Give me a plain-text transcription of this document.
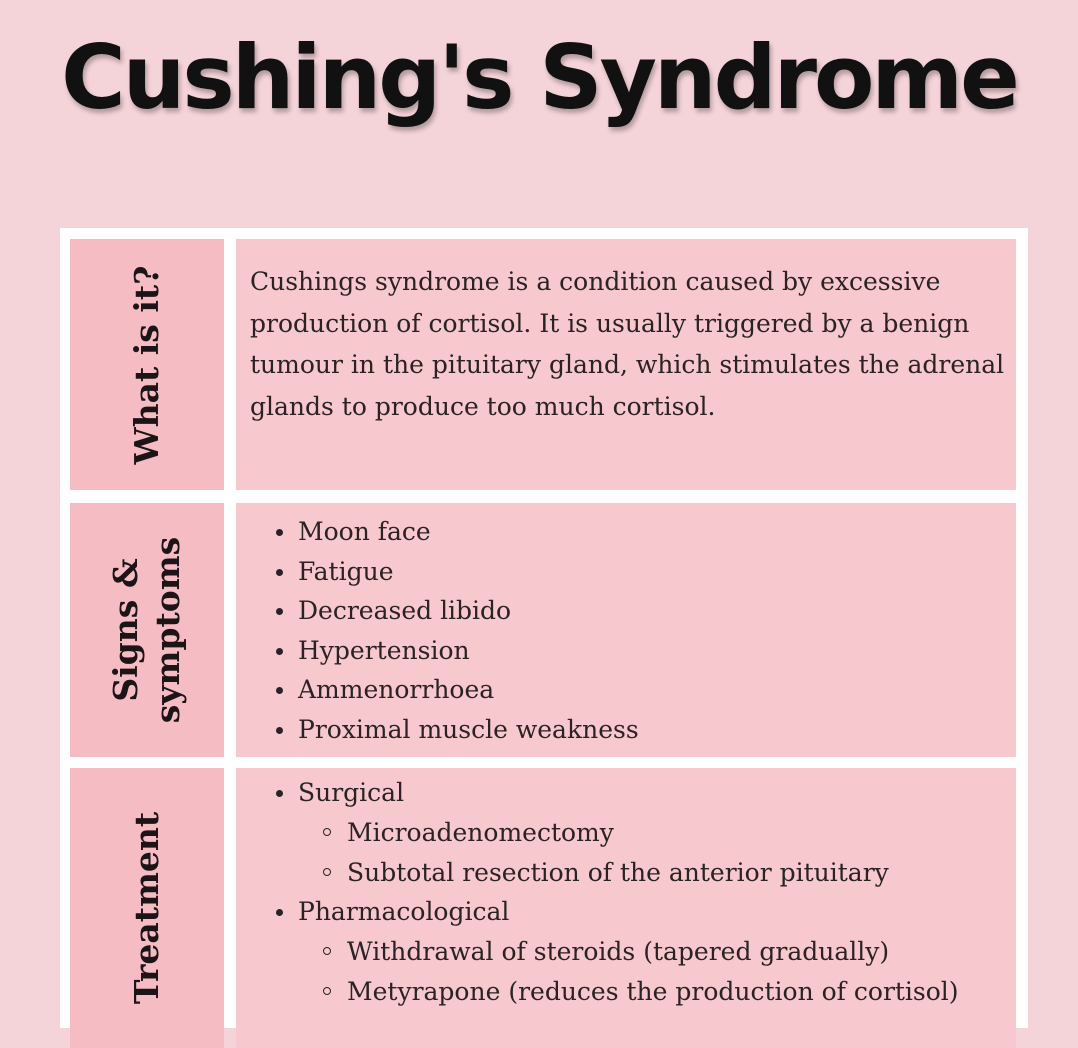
Cushing's Syndrome
What is it?	Cushings syndrome is a condition caused by excessive production of cortisol. It is usually triggered by a benign tumour in the pituitary gland, which stimulates the adrenal glands to produce too much cortisol.
Signs & symptoms
Moon face
Fatigue
Decreased libido
Hypertension
Ammenorrhoea
Proximal muscle weakness
Treatment
Surgical
Microadenomectomy
Subtotal resection of the anterior pituitary
Pharmacological
Withdrawal of steroids (tapered gradually)
Metyrapone (reduces the production of cortisol)
